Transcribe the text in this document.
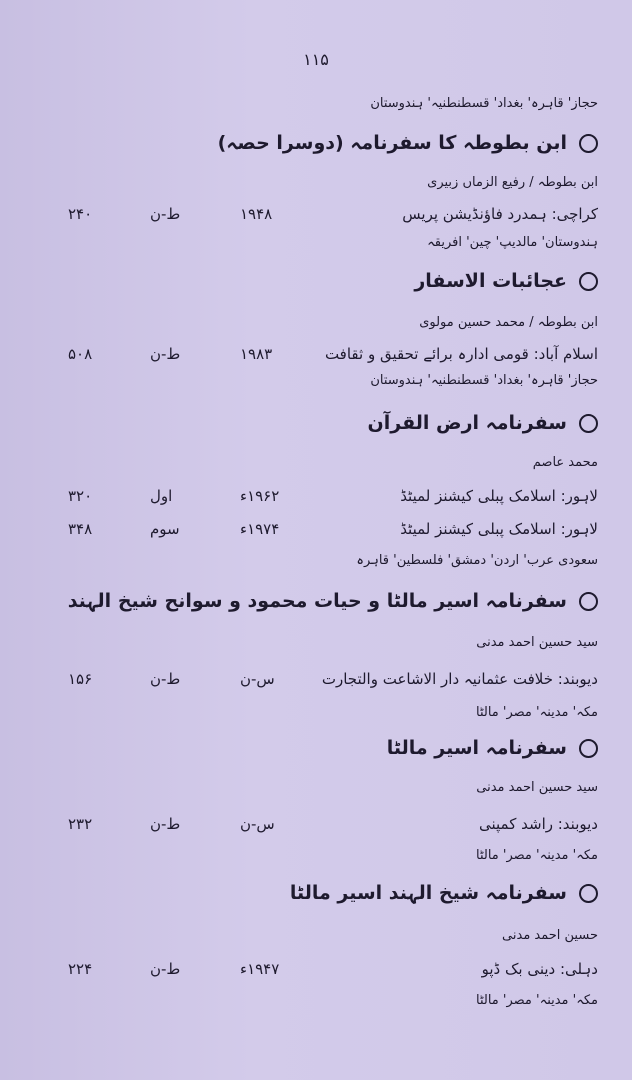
۱۱۵
حجاز' قاہرہ' بغداد' قسطنطنیہ' ہندوستان
ابن بطوطہ کا سفرنامہ (دوسرا حصہ)
ابن بطوطہ / رفیع الزماں زبیری
کراچی: ہمدرد فاؤنڈیشن پریس
۱۹۴۸
ط-ن
۲۴۰
ہندوستان' مالدیپ' چین' افریقہ
عجائبات الاسفار
ابن بطوطہ / محمد حسین مولوی
اسلام آباد: قومی ادارہ برائے تحقیق و ثقافت
۱۹۸۳
ط-ن
۵۰۸
حجاز' قاہرہ' بغداد' قسطنطنیہ' ہندوستان
سفرنامہ ارض القرآن
محمد عاصم
لاہور: اسلامک پبلی کیشنز لمیٹڈ
۱۹۶۲ء
اول
۳۲۰
لاہور: اسلامک پبلی کیشنز لمیٹڈ
۱۹۷۴ء
سوم
۳۴۸
سعودی عرب' اردن' دمشق' فلسطین' قاہرہ
سفرنامہ اسیر مالٹا و حیات محمود و سوانح شیخ الہند
سید حسین احمد مدنی
دیوبند: خلافت عثمانیہ دار الاشاعت والتجارت
س-ن
ط-ن
۱۵۶
مکہ' مدینہ' مصر' مالٹا
سفرنامہ اسیر مالٹا
سید حسین احمد مدنی
دیوبند: راشد کمپنی
س-ن
ط-ن
۲۳۲
مکہ' مدینہ' مصر' مالٹا
سفرنامہ شیخ الہند اسیر مالٹا
حسین احمد مدنی
دہلی: دینی بک ڈپو
۱۹۴۷ء
ط-ن
۲۲۴
مکہ' مدینہ' مصر' مالٹا
